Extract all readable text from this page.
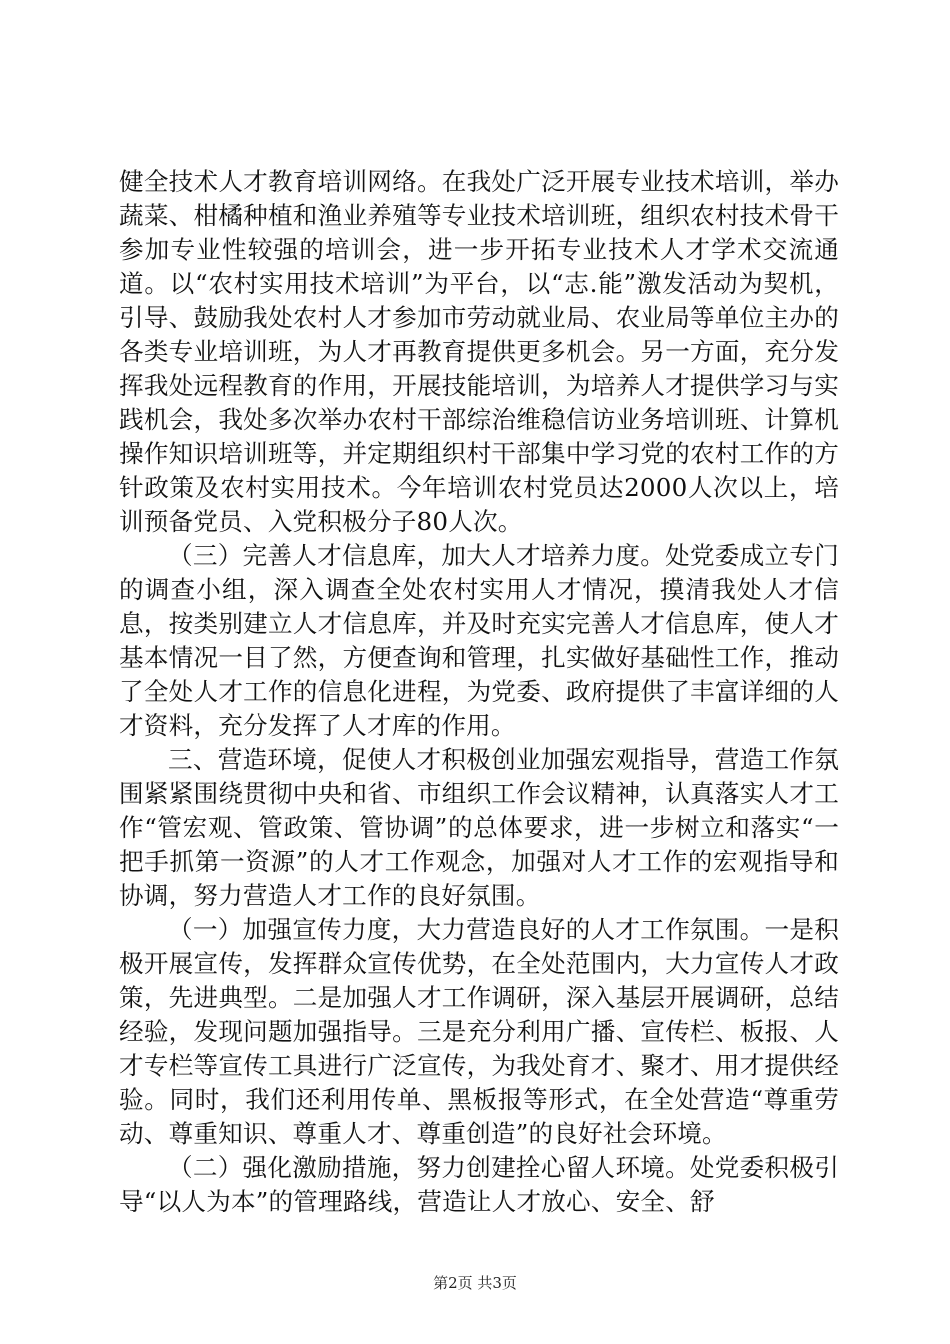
健全技术人才教育培训网络。在我处广泛开展专业技术培训，举办蔬菜、柑橘种植和渔业养殖等专业技术培训班，组织农村技术骨干参加专业性较强的培训会，进一步开拓专业技术人才学术交流通道。以“农村实用技术培训”为平台，以“志.能”激发活动为契机，引导、鼓励我处农村人才参加市劳动就业局、农业局等单位主办的各类专业培训班，为人才再教育提供更多机会。另一方面，充分发挥我处远程教育的作用，开展技能培训，为培养人才提供学习与实践机会，我处多次举办农村干部综治维稳信访业务培训班、计算机操作知识培训班等，并定期组织村干部集中学习党的农村工作的方针政策及农村实用技术。今年培训农村党员达2000人次以上，培训预备党员、入党积极分子80人次。

（三）完善人才信息库，加大人才培养力度。处党委成立专门的调查小组，深入调查全处农村实用人才情况，摸清我处人才信息，按类别建立人才信息库，并及时充实完善人才信息库，使人才基本情况一目了然，方便查询和管理，扎实做好基础性工作，推动了全处人才工作的信息化进程，为党委、政府提供了丰富详细的人才资料，充分发挥了人才库的作用。

三、营造环境，促使人才积极创业加强宏观指导，营造工作氛围紧紧围绕贯彻中央和省、市组织工作会议精神，认真落实人才工作“管宏观、管政策、管协调”的总体要求，进一步树立和落实“一把手抓第一资源”的人才工作观念，加强对人才工作的宏观指导和协调，努力营造人才工作的良好氛围。

（一）加强宣传力度，大力营造良好的人才工作氛围。一是积极开展宣传，发挥群众宣传优势，在全处范围内，大力宣传人才政策，先进典型。二是加强人才工作调研，深入基层开展调研，总结经验，发现问题加强指导。三是充分利用广播、宣传栏、板报、人才专栏等宣传工具进行广泛宣传，为我处育才、聚才、用才提供经验。同时，我们还利用传单、黑板报等形式，在全处营造“尊重劳动、尊重知识、尊重人才、尊重创造”的良好社会环境。

（二）强化激励措施，努力创建拴心留人环境。处党委积极引导“以人为本”的管理路线，营造让人才放心、安全、舒

第2页 共3页
